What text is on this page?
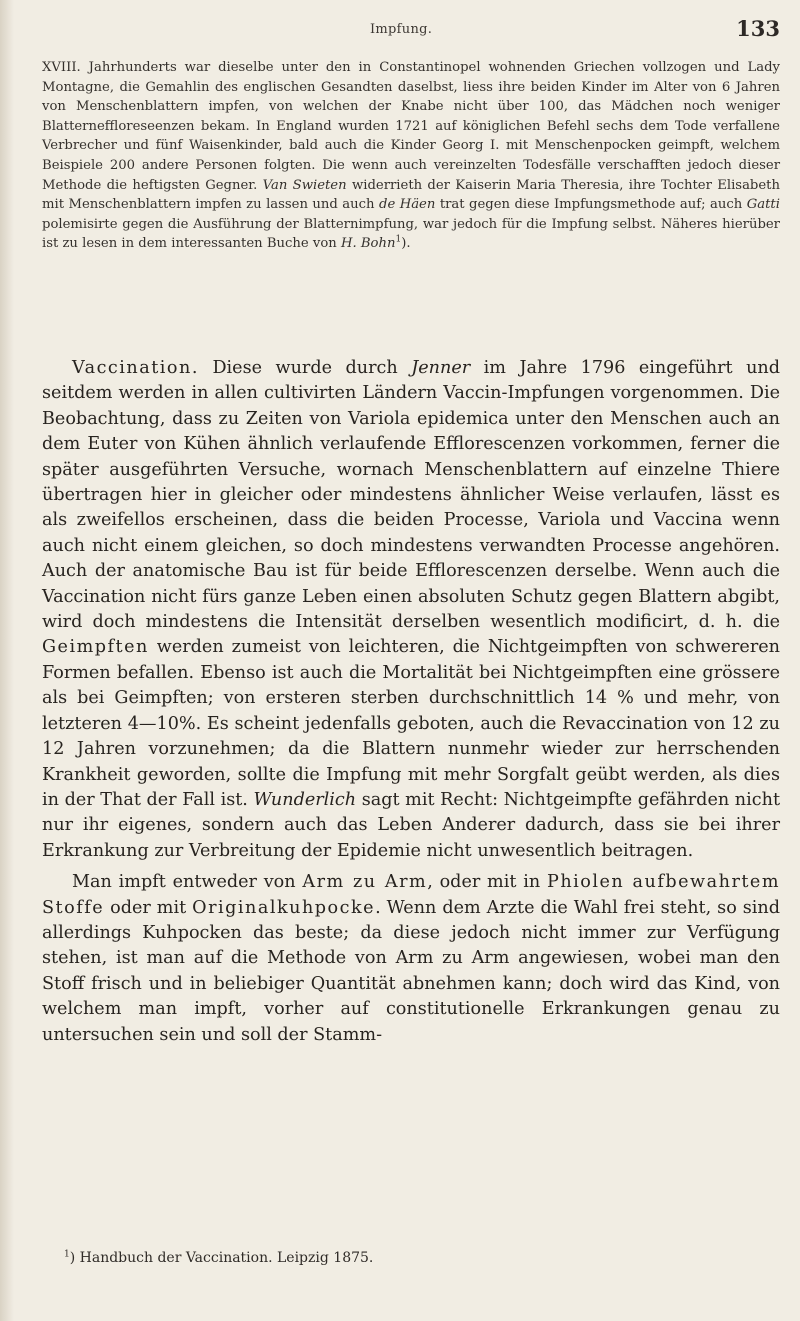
Impfung.	133

XVIII. Jahrhunderts war dieselbe unter den in Constantinopel wohnenden Griechen vollzogen und Lady Montagne, die Gemahlin des englischen Gesandten daselbst, liess ihre beiden Kinder im Alter von 6 Jahren von Menschenblattern impfen, von welchen der Knabe nicht über 100, das Mädchen noch weniger Blatterneffloreseenzen bekam. In England wurden 1721 auf königlichen Befehl sechs dem Tode verfallene Verbrecher und fünf Waisenkinder, bald auch die Kinder Georg I. mit Menschenpocken geimpft, welchem Beispiele 200 andere Personen folgten. Die wenn auch vereinzelten Todesfälle verschafften jedoch dieser Methode die heftigsten Gegner. Van Swieten widerrieth der Kaiserin Maria Theresia, ihre Tochter Elisabeth mit Menschenblattern impfen zu lassen und auch de Häen trat gegen diese Impfungsmethode auf; auch Gatti polemisirte gegen die Ausführung der Blatternimpfung, war jedoch für die Impfung selbst. Näheres hierüber ist zu lesen in dem interessanten Buche von H. Bohn$^1$).

Vaccination. Diese wurde durch Jenner im Jahre 1796 eingeführt und seitdem werden in allen cultivirten Ländern Vaccin-Impfungen vorgenommen. Die Beobachtung, dass zu Zeiten von Variola epidemica unter den Menschen auch an dem Euter von Kühen ähnlich verlaufende Efflorescenzen vorkommen, ferner die später ausgeführten Versuche, wornach Menschenblattern auf einzelne Thiere übertragen hier in gleicher oder mindestens ähnlicher Weise verlaufen, lässt es als zweifellos erscheinen, dass die beiden Processe, Variola und Vaccina wenn auch nicht einem gleichen, so doch mindestens verwandten Processe angehören. Auch der anatomische Bau ist für beide Efflorescenzen derselbe. Wenn auch die Vaccination nicht fürs ganze Leben einen absoluten Schutz gegen Blattern abgibt, wird doch mindestens die Intensität derselben wesentlich modificirt, d. h. die Geimpften werden zumeist von leichteren, die Nichtgeimpften von schwereren Formen befallen. Ebenso ist auch die Mortalität bei Nichtgeimpften eine grössere als bei Geimpften; von ersteren sterben durchschnittlich 14 % und mehr, von letzteren 4—10%. Es scheint jedenfalls geboten, auch die Revaccination von 12 zu 12 Jahren vorzunehmen; da die Blattern nunmehr wieder zur herrschenden Krankheit geworden, sollte die Impfung mit mehr Sorgfalt geübt werden, als dies in der That der Fall ist. Wunderlich sagt mit Recht: Nichtgeimpfte gefährden nicht nur ihr eigenes, sondern auch das Leben Anderer dadurch, dass sie bei ihrer Erkrankung zur Verbreitung der Epidemie nicht unwesentlich beitragen.

Man impft entweder von Arm zu Arm, oder mit in Phiolen aufbewahrtem Stoffe oder mit Originalkuhpocke. Wenn dem Arzte die Wahl frei steht, so sind allerdings Kuhpocken das beste; da diese jedoch nicht immer zur Verfügung stehen, ist man auf die Methode von Arm zu Arm angewiesen, wobei man den Stoff frisch und in beliebiger Quantität abnehmen kann; doch wird das Kind, von welchem man impft, vorher auf constitutionelle Erkrankungen genau zu untersuchen sein und soll der Stamm-

$^1$) Handbuch der Vaccination. Leipzig 1875.
